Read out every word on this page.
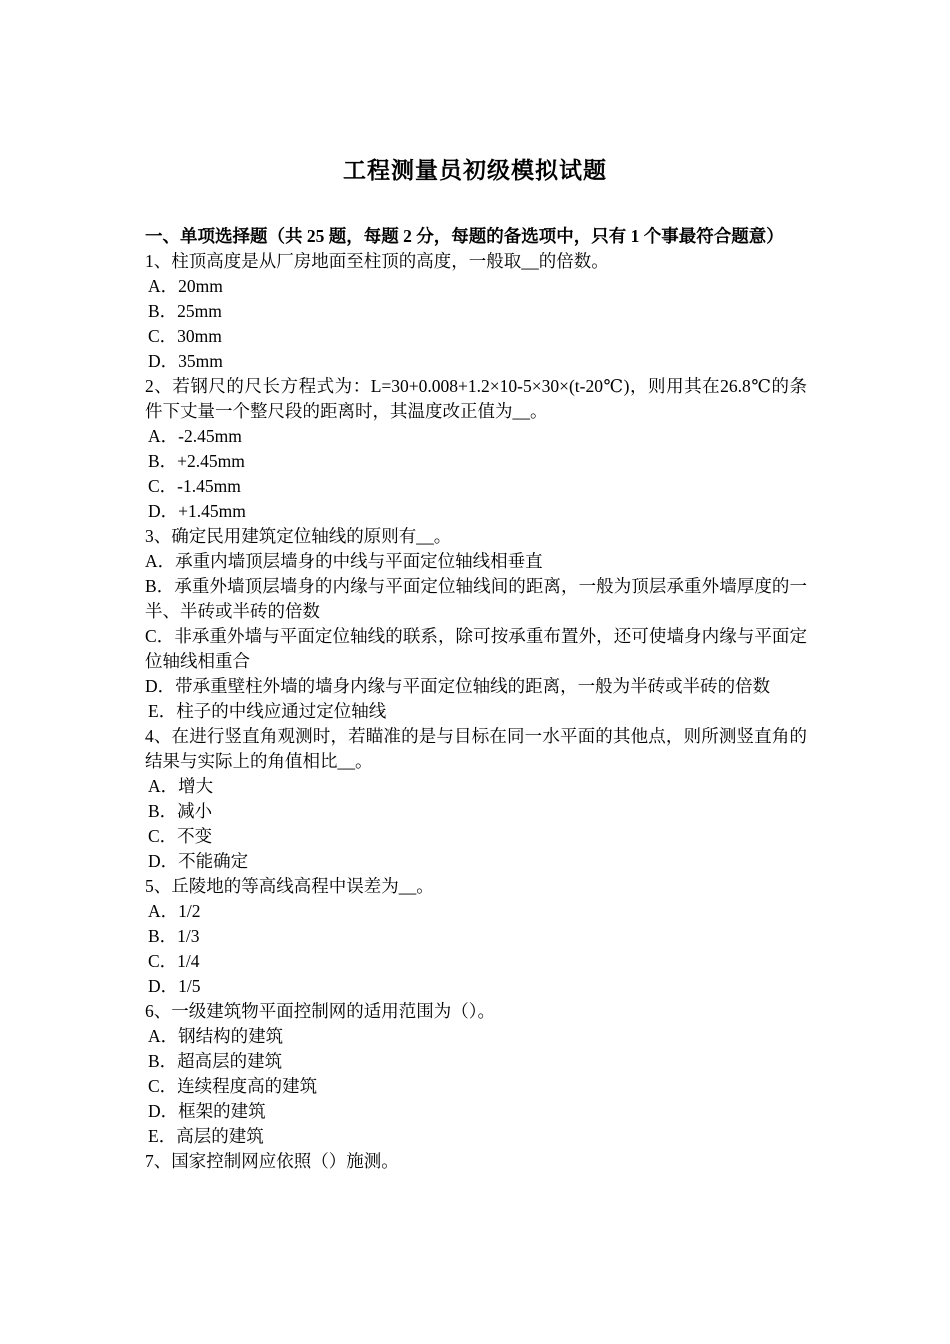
工程测量员初级模拟试题
一、单项选择题（共 25 题，每题 2 分，每题的备选项中，只有 1 个事最符合题意）
1、柱顶高度是从厂房地面至柱顶的高度，一般取__的倍数。
A．20mm
B．25mm
C．30mm
D．35mm
2、若钢尺的尺长方程式为：L=30+0.008+1.2×10-5×30×(t-20℃)，则用其在26.8℃的条件下丈量一个整尺段的距离时，其温度改正值为__。
A．-2.45mm
B．+2.45mm
C．-1.45mm
D．+1.45mm
3、确定民用建筑定位轴线的原则有__。
A．承重内墙顶层墙身的中线与平面定位轴线相垂直
B．承重外墙顶层墙身的内缘与平面定位轴线间的距离，一般为顶层承重外墙厚度的一半、半砖或半砖的倍数
C．非承重外墙与平面定位轴线的联系，除可按承重布置外，还可使墙身内缘与平面定位轴线相重合
D．带承重壁柱外墙的墙身内缘与平面定位轴线的距离，一般为半砖或半砖的倍数
E．柱子的中线应通过定位轴线
4、在进行竖直角观测时，若瞄准的是与目标在同一水平面的其他点，则所测竖直角的结果与实际上的角值相比__。
A．增大
B．减小
C．不变
D．不能确定
5、丘陵地的等高线高程中误差为__。
A．1/2
B．1/3
C．1/4
D．1/5
6、一级建筑物平面控制网的适用范围为（）。
A．钢结构的建筑
B．超高层的建筑
C．连续程度高的建筑
D．框架的建筑
E．高层的建筑
7、国家控制网应依照（）施测。
